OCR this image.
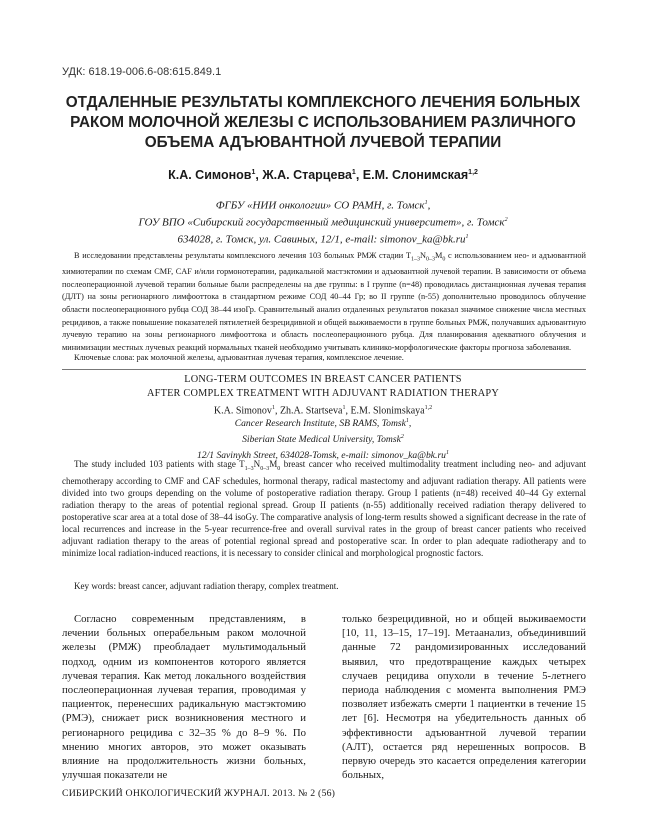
УДК: 618.19-006.6-08:615.849.1
ОТДАЛЕННЫЕ РЕЗУЛЬТАТЫ КОМПЛЕКСНОГО ЛЕЧЕНИЯ БОЛЬНЫХ РАКОМ МОЛОЧНОЙ ЖЕЛЕЗЫ С ИСПОЛЬЗОВАНИЕМ РАЗЛИЧНОГО ОБЪЕМА АДЪЮВАНТНОЙ ЛУЧЕВОЙ ТЕРАПИИ
К.А. Симонов$^1$, Ж.А. Старцева$^1$, Е.М. Слонимская$^{1,2}$
ФГБУ «НИИ онкологии» СО РАМН, г. Томск$^1$,
ГОУ ВПО «Сибирский государственный медицинский университет», г. Томск$^2$
634028, г. Томск, ул. Савиных, 12/1, e-mail: $simonov\_ka@bk.ru^1$

В исследовании представлены результаты комплексного лечения 103 больных РМЖ стадии $T_{1-3}N_{0-3}M_0$ с использованием нео- и адъювантной химиотерапии по схемам CMF, CAF и/или гормонотерапии, радикальной мастэктомии и адъювантной лучевой терапии. В зависимости от объема послеоперационной лучевой терапии больные были распределены на две группы: в I группе (n=48) проводилась дистанционная лучевая терапия (ДЛТ) на зоны регионарного лимфооттока в стандартном режиме СОД 40–44 Гр; во II группе (n-55) дополнительно проводилось облучение области послеоперационного рубца СОД 38–44 изоГр. Сравнительный анализ отдаленных результатов показал значимое снижение числа местных рецидивов, а также повышение показателей пятилетней безрецидивной и общей выживаемости в группе больных РМЖ, получавших адъювантную лучевую терапию на зоны регионарного лимфооттока и область послеоперационного рубца. Для планирования адекватного облучения и минимизации местных лучевых реакций нормальных тканей необходимо учитывать клинико-морфологические факторы прогноза заболевания.

Ключевые слова: рак молочной железы, адъювантная лучевая терапия, комплексное лечение.

LONG-TERM OUTCOMES IN BREAST CANCER PATIENTS
AFTER COMPLEX TREATMENT WITH ADJUVANT RADIATION THERAPY
K.A. Simonov$^1$, Zh.A. Startseva$^1$, E.M. Slonimskaya$^{1,2}$
Cancer Research Institute, SB RAMS, Tomsk$^1$,
Siberian State Medical University, Tomsk$^2$
12/1 Savinykh Street, 634028-Tomsk, e-mail: $simonov\_ka@bk.ru^1$

The study included 103 patients with stage $T_{1-3}N_{0-3}M_0$ breast cancer who received multimodality treatment including neo- and adjuvant chemotherapy according to CMF and CAF schedules, hormonal therapy, radical mastectomy and adjuvant radiation therapy. All patients were divided into two groups depending on the volume of postoperative radiation therapy. Group I patients (n=48) received 40–44 Gy external radiation therapy to the areas of potential regional spread. Group II patients (n-55) additionally received radiation therapy delivered to postoperative scar area at a total dose of 38–44 isoGy. The comparative analysis of long-term results showed a significant decrease in the rate of local recurrences and increase in the 5-year recurrence-free and overall survival rates in the group of breast cancer patients who received adjuvant radiation therapy to the areas of potential regional spread and postoperative scar. In order to plan adequate radiotherapy and to minimize local radiation-induced reactions, it is necessary to consider clinical and morphological prognostic factors.

Key words: breast cancer, adjuvant radiation therapy, complex treatment.

Согласно современным представлениям, в лечении больных операбельным раком молочной железы (РМЖ) преобладает мультимодальный подход, одним из компонентов которого является лучевая терапия. Как метод локального воздействия послеоперационная лучевая терапия, проводимая у пациенток, перенесших радикальную мастэктомию (РМЭ), снижает риск возникновения местного и регионарного рецидива с 32–35 % до 8–9 %. По мнению многих авторов, это может оказывать влияние на продолжительность жизни больных, улучшая показатели не

только безрецидивной, но и общей выживаемости [10, 11, 13–15, 17–19]. Метаанализ, объединивший данные 72 рандомизированных исследований выявил, что предотвращение каждых четырех случаев рецидива опухоли в течение 5-летнего периода наблюдения с момента выполнения РМЭ позволяет избежать смерти 1 пациентки в течение 15 лет [6]. Несмотря на убедительность данных об эффективности адъювантной лучевой терапии (АЛТ), остается ряд нерешенных вопросов. В первую очередь это касается определения категории больных,

СИБИРСКИЙ ОНКОЛОГИЧЕСКИЙ ЖУРНАЛ. 2013. № 2 (56)
